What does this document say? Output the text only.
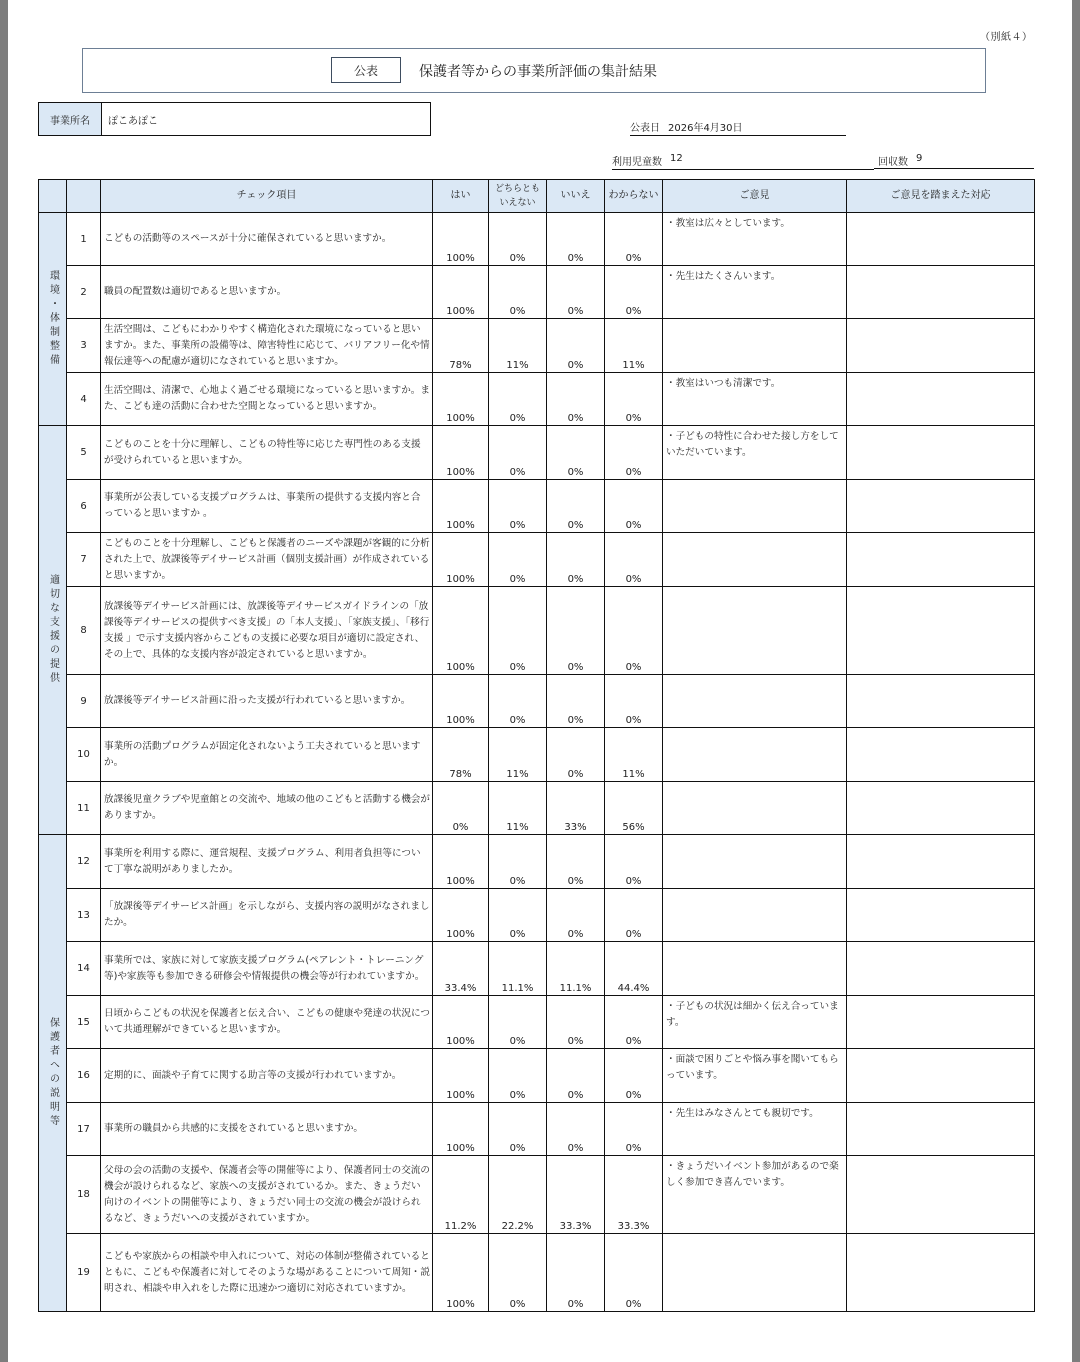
（別紙４）
公表	保護者等からの事業所評価の集計結果
事業所名	ぽこあぽこ
公表日 2026年4月30日
利用児童数 12	回収数 9
		チェック項目	はい	どちらとも
いえない	いいえ	わからない	ご意見	ご意見を踏まえた対応

環境・体制整備	1	こどもの活動等のスペースが十分に確保されていると思いますか。	100%	0%	0%	0%	・教室は広々としています。	
	2	職員の配置数は適切であると思いますか。	100%	0%	0%	0%	・先生はたくさんいます。	
	3	生活空間は、こどもにわかりやすく構造化された環境になっていると思いますか。また、事業所の設備等は、障害特性に応じて、バリアフリー化や情報伝達等への配慮が適切になされていると思いますか。	78%	11%	0%	11%		
	4	生活空間は、清潔で、心地よく過ごせる環境になっていると思いますか。また、こども達の活動に合わせた空間となっていると思いますか。	100%	0%	0%	0%	・教室はいつも清潔です。	

適切な支援の提供	5	こどものことを十分に理解し、こどもの特性等に応じた専門性のある支援が受けられていると思いますか。	100%	0%	0%	0%	・子どもの特性に合わせた接し方をしていただいています。	
	6	事業所が公表している支援プログラムは、事業所の提供する支援内容と合っていると思いますか 。	100%	0%	0%	0%		
	7	こどものことを十分理解し、こどもと保護者のニーズや課題が客観的に分析された上で、放課後等デイサービス計画（個別支援計画）が作成されていると思いますか。	100%	0%	0%	0%		
	8	放課後等デイサービス計画には、放課後等デイサービスガイドラインの「放課後等デイサービスの提供すべき支援」の「本人支援」、「家族支援」、「移行支援 」で示す支援内容からこどもの支援に必要な項目が適切に設定され、その上で、具体的な支援内容が設定されていると思いますか。	100%	0%	0%	0%		
	9	放課後等デイサービス計画に沿った支援が行われていると思いますか。	100%	0%	0%	0%		
	10	事業所の活動プログラムが固定化されないよう工夫されていると思いますか。	78%	11%	0%	11%		
	11	放課後児童クラブや児童館との交流や、地域の他のこどもと活動する機会がありますか。	0%	11%	33%	56%		

保護者への説明等	12	事業所を利用する際に、運営規程、支援プログラム、利用者負担等について丁寧な説明がありましたか。	100%	0%	0%	0%		
	13	「放課後等デイサービス計画」を示しながら、支援内容の説明がなされましたか。	100%	0%	0%	0%		
	14	事業所では、家族に対して家族支援プログラム(ペアレント・トレーニング等)や家族等も参加できる研修会や情報提供の機会等が行われていますか。	33.4%	11.1%	11.1%	44.4%		
	15	日頃からこどもの状況を保護者と伝え合い、こどもの健康や発達の状況について共通理解ができていると思いますか。	100%	0%	0%	0%	・子どもの状況は細かく伝え合っています。	
	16	定期的に、面談や子育てに関する助言等の支援が行われていますか。	100%	0%	0%	0%	・面談で困りごとや悩み事を聞いてもらっています。	
	17	事業所の職員から共感的に支援をされていると思いますか。	100%	0%	0%	0%	・先生はみなさんとても親切です。	
	18	父母の会の活動の支援や、保護者会等の開催等により、保護者同士の交流の機会が設けられるなど、家族への支援がされているか。また、きょうだい向けのイベントの開催等により、きょうだい同士の交流の機会が設けられるなど、きょうだいへの支援がされていますか。	11.2%	22.2%	33.3%	33.3%	・きょうだいイベント参加があるので楽しく参加でき喜んでいます。	
	19	こどもや家族からの相談や申入れについて、対応の体制が整備されているとともに、こどもや保護者に対してそのような場があることについて周知・説明され、相談や申入れをした際に迅速かつ適切に対応されていますか。	100%	0%	0%	0%		
